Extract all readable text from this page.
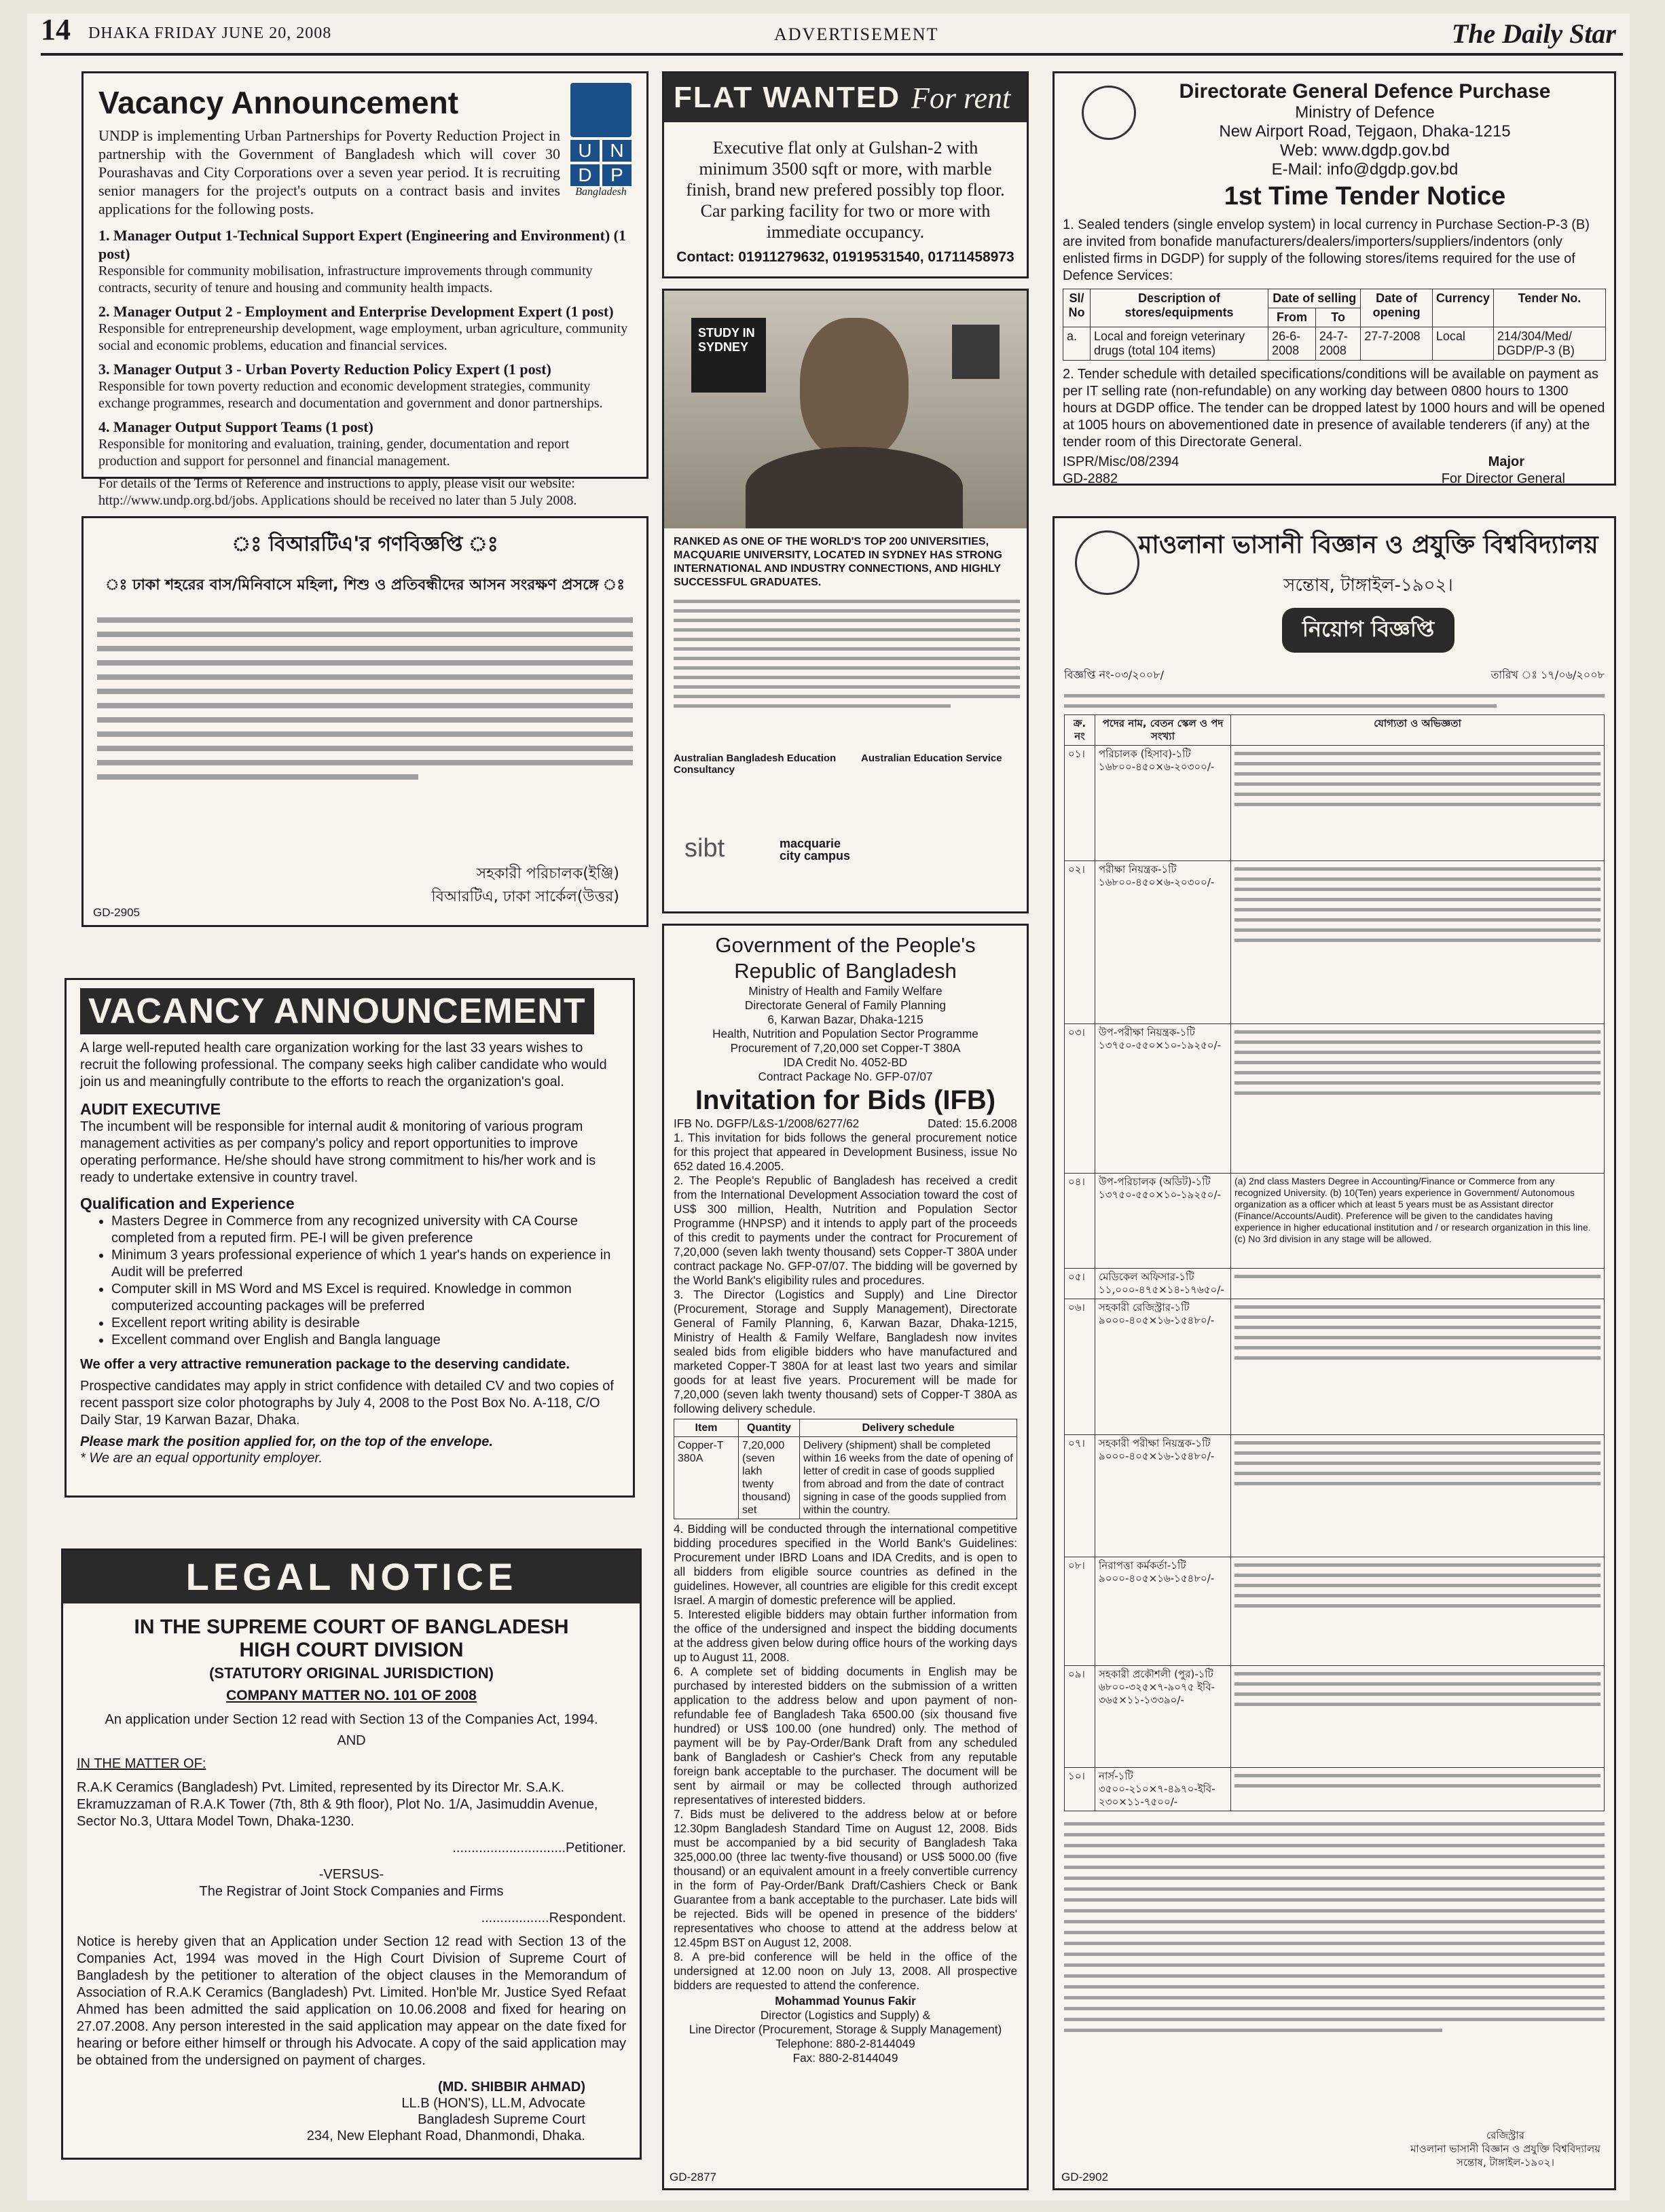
14 DHAKA FRIDAY JUNE 20, 2008	ADVERTISEMENT	The Daily Star
Vacancy Announcement
U N
D P
Bangladesh

UNDP is implementing Urban Partnerships for Poverty Reduction Project in partnership with the Government of Bangladesh which will cover 30 Pourashavas and City Corporations over a seven year period. It is recruiting senior managers for the project's outputs on a contract basis and invites applications for the following posts.

1. Manager Output 1-Technical Support Expert (Engineering and Environment) (1 post)

Responsible for community mobilisation, infrastructure improvements through community contracts, security of tenure and housing and community health impacts.

2. Manager Output 2 - Employment and Enterprise Development Expert (1 post)

Responsible for entrepreneurship development, wage employment, urban agriculture, community social and economic problems, education and financial services.

3. Manager Output 3 - Urban Poverty Reduction Policy Expert (1 post)

Responsible for town poverty reduction and economic development strategies, community exchange programmes, research and documentation and government and donor partnerships.

4. Manager Output Support Teams (1 post)

Responsible for monitoring and evaluation, training, gender, documentation and report production and support for personnel and financial management.

For details of the Terms of Reference and instructions to apply, please visit our website: http://www.undp.org.bd/jobs. Applications should be received no later than 5 July 2008.

FLAT WANTED For rent

Executive flat only at Gulshan-2 with minimum 3500 sqft or more, with marble finish, brand new prefered possibly top floor. Car parking facility for two or more with immediate occupancy.

Contact: 01911279632, 01919531540, 01711458973

Directorate General Defence Purchase
Ministry of Defence
New Airport Road, Tejgaon, Dhaka-1215
Web: www.dgdp.gov.bd
E-Mail: info@dgdp.gov.bd
1st Time Tender Notice

1. Sealed tenders (single envelop system) in local currency in Purchase Section-P-3 (B) are invited from bonafide manufacturers/dealers/importers/suppliers/indentors (only enlisted firms in DGDP) for supply of the following stores/items required for the use of Defence Services:

Sl/ No	Description of stores/equipments	Date of selling		Date of opening	Currency	Tender No.
		From	To			
a.	Local and foreign veterinary drugs (total 104 items)	26-6-2008	24-7-2008	27-7-2008	Local	214/304/Med/ DGDP/P-3 (B)

2. Tender schedule with detailed specifications/conditions will be available on payment as per IT selling rate (non-refundable) on any working day between 0800 hours to 1300 hours at DGDP office. The tender can be dropped latest by 1000 hours and will be opened at 1005 hours on abovementioned date in presence of available tenderers (if any) at the tender room of this Directorate General.

ISPR/Misc/08/2394	Major
GD-2882	For Director General
ঃ বিআরটিএ'র গণবিজ্ঞপ্তি ঃ
ঃ ঢাকা শহরের বাস/মিনিবাসে মহিলা, শিশু ও প্রতিবন্ধীদের আসন সংরক্ষণ প্রসঙ্গে ঃ
সহকারী পরিচালক(ইঞ্জি)
বিআরটিএ, ঢাকা সার্কেল(উত্তর)
GD-2905
STUDY IN
SYDNEY

RANKED AS ONE OF THE WORLD'S TOP 200 UNIVERSITIES, MACQUARIE UNIVERSITY, LOCATED IN SYDNEY HAS STRONG INTERNATIONAL AND INDUSTRY CONNECTIONS, AND HIGHLY SUCCESSFUL GRADUATES.

Australian Bangladesh Education Consultancy
Australian Education Service
sibt	macquarie city campus
VACANCY ANNOUNCEMENT

A large well-reputed health care organization working for the last 33 years wishes to recruit the following professional. The company seeks high caliber candidate who would join us and meaningfully contribute to the efforts to reach the organization's goal.

AUDIT EXECUTIVE

The incumbent will be responsible for internal audit & monitoring of various program management activities as per company's policy and report opportunities to improve operating performance. He/she should have strong commitment to his/her work and is ready to undertake extensive in country travel.

Qualification and Experience

• Masters Degree in Commerce from any recognized university with CA Course completed from a reputed firm. PE-I will be given preference
• Minimum 3 years professional experience of which 1 year's hands on experience in Audit will be preferred
• Computer skill in MS Word and MS Excel is required. Knowledge in common computerized accounting packages will be preferred
• Excellent report writing ability is desirable
• Excellent command over English and Bangla language

We offer a very attractive remuneration package to the deserving candidate.

Prospective candidates may apply in strict confidence with detailed CV and two copies of recent passport size color photographs by July 4, 2008 to the Post Box No. A-118, C/O Daily Star, 19 Karwan Bazar, Dhaka.

Please mark the position applied for, on the top of the envelope.

* We are an equal opportunity employer.

LEGAL NOTICE
IN THE SUPREME COURT OF BANGLADESH
HIGH COURT DIVISION
(STATUTORY ORIGINAL JURISDICTION)
COMPANY MATTER NO. 101 OF 2008
An application under Section 12 read with Section 13 of the Companies Act, 1994.
AND

IN THE MATTER OF:

R.A.K Ceramics (Bangladesh) Pvt. Limited, represented by its Director Mr. S.A.K. Ekramuzzaman of R.A.K Tower (7th, 8th & 9th floor), Plot No. 1/A, Jasimuddin Avenue, Sector No.3, Uttara Model Town, Dhaka-1230.

..............................Petitioner.

-VERSUS-

The Registrar of Joint Stock Companies and Firms

..................Respondent.

Notice is hereby given that an Application under Section 12 read with Section 13 of the Companies Act, 1994 was moved in the High Court Division of Supreme Court of Bangladesh by the petitioner to alteration of the object clauses in the Memorandum of Association of R.A.K Ceramics (Bangladesh) Pvt. Limited. Hon'ble Mr. Justice Syed Refaat Ahmed has been admitted the said application on 10.06.2008 and fixed for hearing on 27.07.2008. Any person interested in the said application may appear on the date fixed for hearing or before either himself or through his Advocate. A copy of the said application may be obtained from the undersigned on payment of charges.

(MD. SHIBBIR AHMAD)

LL.B (HON'S), LL.M, Advocate

Bangladesh Supreme Court

234, New Elephant Road, Dhanmondi, Dhaka.

Government of the People's
Republic of Bangladesh
Ministry of Health and Family Welfare
Directorate General of Family Planning
6, Karwan Bazar, Dhaka-1215
Health, Nutrition and Population Sector Programme
Procurement of 7,20,000 set Copper-T 380A
IDA Credit No. 4052-BD
Contract Package No. GFP-07/07
Invitation for Bids (IFB)
IFB No. DGFP/L&S-1/2008/6277/62	Dated: 15.6.2008

1. This invitation for bids follows the general procurement notice for this project that appeared in Development Business, issue No 652 dated 16.4.2005.

2. The People's Republic of Bangladesh has received a credit from the International Development Association toward the cost of US$ 300 million, Health, Nutrition and Population Sector Programme (HNPSP) and it intends to apply part of the proceeds of this credit to payments under the contract for Procurement of 7,20,000 (seven lakh twenty thousand) sets Copper-T 380A under contract package No. GFP-07/07. The bidding will be governed by the World Bank's eligibility rules and procedures.

3. The Director (Logistics and Supply) and Line Director (Procurement, Storage and Supply Management), Directorate General of Family Planning, 6, Karwan Bazar, Dhaka-1215, Ministry of Health & Family Welfare, Bangladesh now invites sealed bids from eligible bidders who have manufactured and marketed Copper-T 380A for at least last two years and similar goods for at least five years. Procurement will be made for 7,20,000 (seven lakh twenty thousand) sets of Copper-T 380A as following delivery schedule.

Item	Quantity	Delivery schedule
Copper-T 380A	7,20,000 (seven lakh twenty thousand) set	Delivery (shipment) shall be completed within 16 weeks from the date of opening of letter of credit in case of goods supplied from abroad and from the date of contract signing in case of the goods supplied from within the country.

4. Bidding will be conducted through the international competitive bidding procedures specified in the World Bank's Guidelines: Procurement under IBRD Loans and IDA Credits, and is open to all bidders from eligible source countries as defined in the guidelines. However, all countries are eligible for this credit except Israel. A margin of domestic preference will be applied.

5. Interested eligible bidders may obtain further information from the office of the undersigned and inspect the bidding documents at the address given below during office hours of the working days up to August 11, 2008.

6. A complete set of bidding documents in English may be purchased by interested bidders on the submission of a written application to the address below and upon payment of non-refundable fee of Bangladesh Taka 6500.00 (six thousand five hundred) or US$ 100.00 (one hundred) only. The method of payment will be by Pay-Order/Bank Draft from any scheduled bank of Bangladesh or Cashier's Check from any reputable foreign bank acceptable to the purchaser. The document will be sent by airmail or may be collected through authorized representatives of interested bidders.

7. Bids must be delivered to the address below at or before 12.30pm Bangladesh Standard Time on August 12, 2008. Bids must be accompanied by a bid security of Bangladesh Taka 325,000.00 (three lac twenty-five thousand) or US$ 5000.00 (five thousand) or an equivalent amount in a freely convertible currency in the form of Pay-Order/Bank Draft/Cashiers Check or Bank Guarantee from a bank acceptable to the purchaser. Late bids will be rejected. Bids will be opened in presence of the bidders' representatives who choose to attend at the address below at 12.45pm BST on August 12, 2008.

8. A pre-bid conference will be held in the office of the undersigned at 12.00 noon on July 13, 2008. All prospective bidders are requested to attend the conference.

Mohammad Younus Fakir
Director (Logistics and Supply) &
Line Director (Procurement, Storage & Supply Management)
Telephone: 880-2-8144049
Fax: 880-2-8144049
GD-2877
মাওলানা ভাসানী বিজ্ঞান ও প্রযুক্তি বিশ্ববিদ্যালয়
সন্তোষ, টাঙ্গাইল-১৯০২।
নিয়োগ বিজ্ঞপ্তি
বিজ্ঞপ্তি নং-০৩/২০০৮/	তারিখ ঃ ১৭/০৬/২০০৮
ক্র. নং	পদের নাম, বেতন স্কেল ও পদ সংখ্যা	যোগ্যতা ও অভিজ্ঞতা
০১।	পরিচালক (হিসাব)-১টি ১৬৮০০-৪৫০×৬-২০৩০০/-	

০২।	পরীক্ষা নিয়ন্ত্রক-১টি ১৬৮০০-৪৫০×৬-২০৩০০/-	

০৩।	উপ-পরীক্ষা নিয়ন্ত্রক-১টি ১৩৭৫০-৫৫০×১০-১৯২৫০/-	

০৪।	উপ-পরিচালক (অডিট)-১টি ১৩৭৫০-৫৫০×১০-১৯২৫০/-	(a) 2nd class Masters Degree in Accounting/Finance or Commerce from any recognized University. (b) 10(Ten) years experience in Government/ Autonomous organization as a officer which at least 5 years must be as Assistant director (Finance/Accounts/Audit). Preference will be given to the candidates having experience in higher educational institution and / or research organization in this line. (c) No 3rd division in any stage will be allowed.
০৫।	মেডিকেল অফিসার-১টি ১১,০০০-৪৭৫×১৪-১৭৬৫০/-	

০৬।	সহকারী রেজিস্ট্রার-১টি ৯০০০-৪০৫×১৬-১৫৪৮০/-	

০৭।	সহকারী পরীক্ষা নিয়ন্ত্রক-১টি ৯০০০-৪০৫×১৬-১৫৪৮০/-	

০৮।	নিরাপত্তা কর্মকর্তা-১টি ৯০০০-৪০৫×১৬-১৫৪৮০/-	

০৯।	সহকারী প্রকৌশলী (পুর)-১টি ৬৮০০-৩২৫×৭-৯০৭৫ ইবি- ৩৬৫×১১-১৩৩৯০/-	

১০।	নার্স-১টি ৩৫০০-২১০×৭-৪৯৭০-ইবি- ২৩০×১১-৭৫০০/-	
রেজিস্ট্রার
মাওলানা ভাসানী বিজ্ঞান ও প্রযুক্তি বিশ্ববিদ্যালয়
সন্তোষ, টাঙ্গাইল-১৯০২।
GD-2902
